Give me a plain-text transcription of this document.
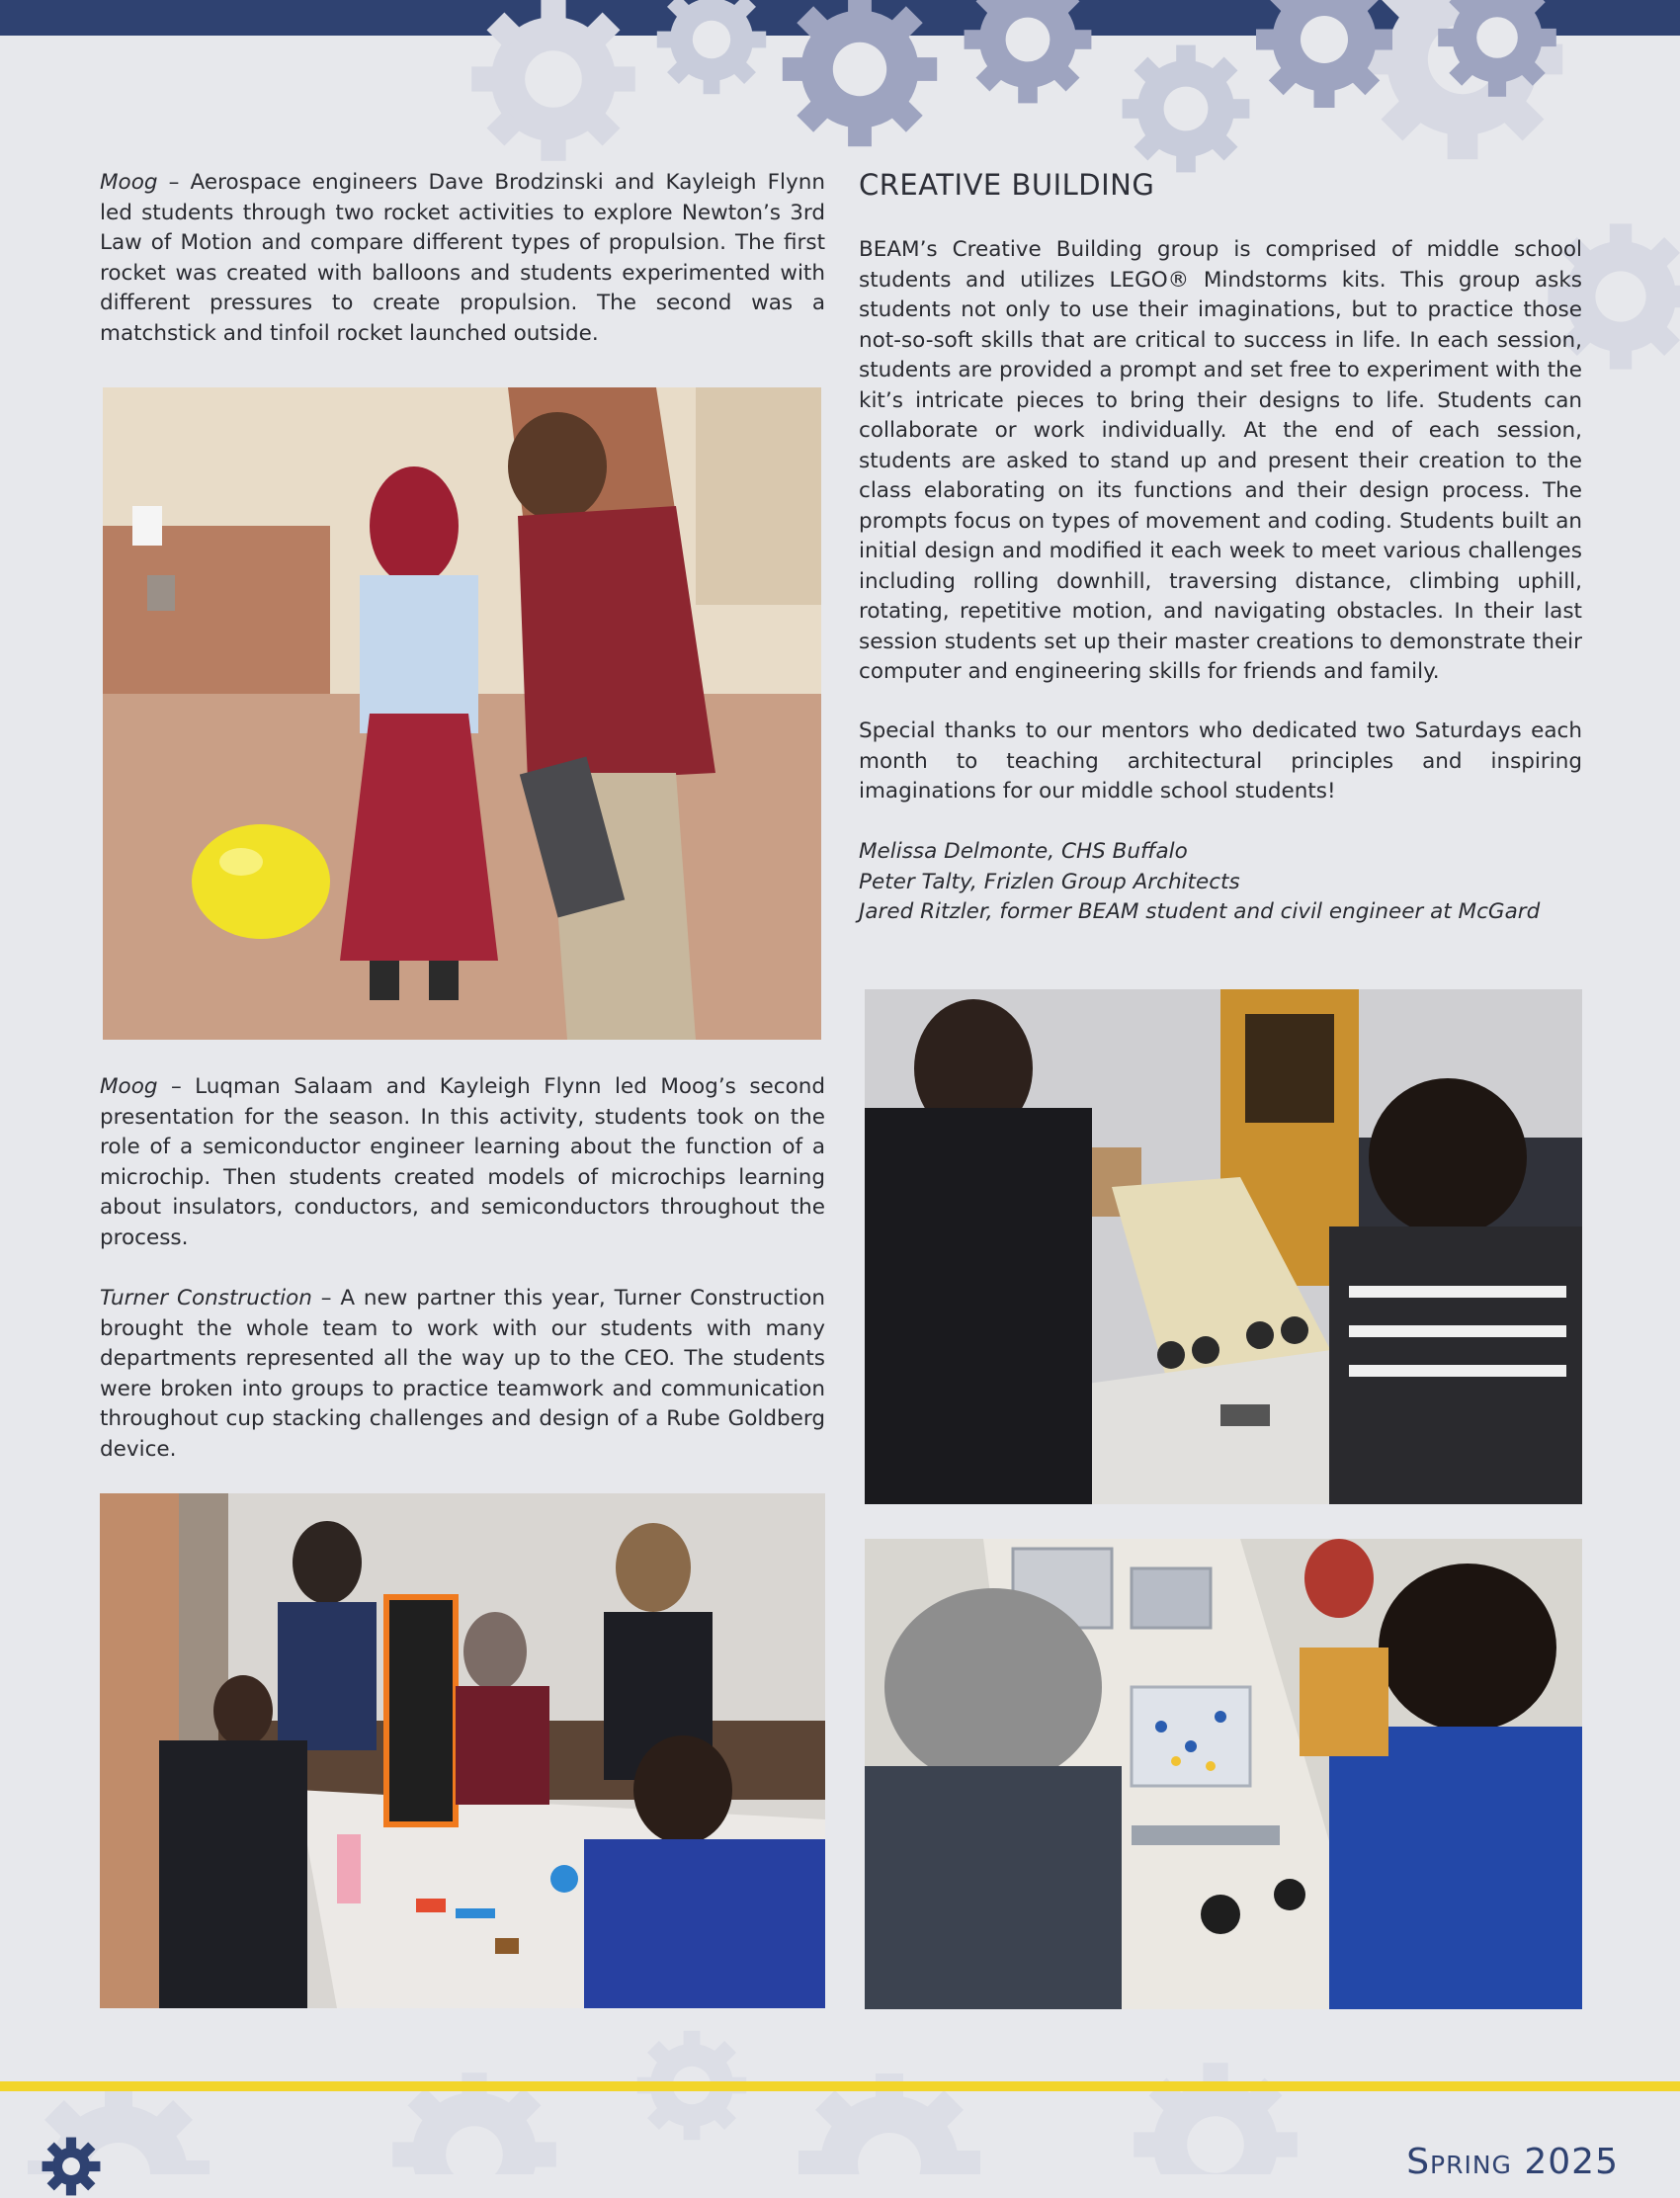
Moog – Aerospace engineers Dave Brodzinski and Kayleigh Flynn led students through two rocket activities to explore Newton’s 3rd Law of Motion and compare different types of propulsion. The first rocket was created with balloons and students experimented with different pressures to create propulsion. The second was a matchstick and tinfoil rocket launched outside.

Moog – Luqman Salaam and Kayleigh Flynn led Moog’s second presentation for the season. In this activity, students took on the role of a semiconductor engineer learning about the function of a microchip. Then students created models of microchips learning about insulators, conductors, and semiconductors throughout the process.

Turner Construction – A new partner this year, Turner Construction brought the whole team to work with our students with many departments represented all the way up to the CEO. The students were broken into groups to practice teamwork and communication throughout cup stacking challenges and design of a Rube Goldberg device.

CREATIVE BUILDING

BEAM’s Creative Building group is comprised of middle school students and utilizes LEGO® Mindstorms kits. This group asks students not only to use their imaginations, but to practice those not-so-soft skills that are critical to success in life. In each session, students are provided a prompt and set free to experiment with the kit’s intricate pieces to bring their designs to life. Students can collaborate or work individually. At the end of each session, students are asked to stand up and present their creation to the class elaborating on its functions and their design process. The prompts focus on types of movement and coding. Students built an initial design and modified it each week to meet various challenges including rolling downhill, traversing distance, climbing uphill, rotating, repetitive motion, and navigating obstacles. In their last session students set up their master creations to demonstrate their computer and engineering skills for friends and family.

Special thanks to our mentors who dedicated two Saturdays each month to teaching architectural principles and inspiring imaginations for our middle school students!

Melissa Delmonte, CHS Buffalo
Peter Talty, Frizlen Group Architects
Jared Ritzler, former BEAM student and civil engineer at McGard
Spring 2025
